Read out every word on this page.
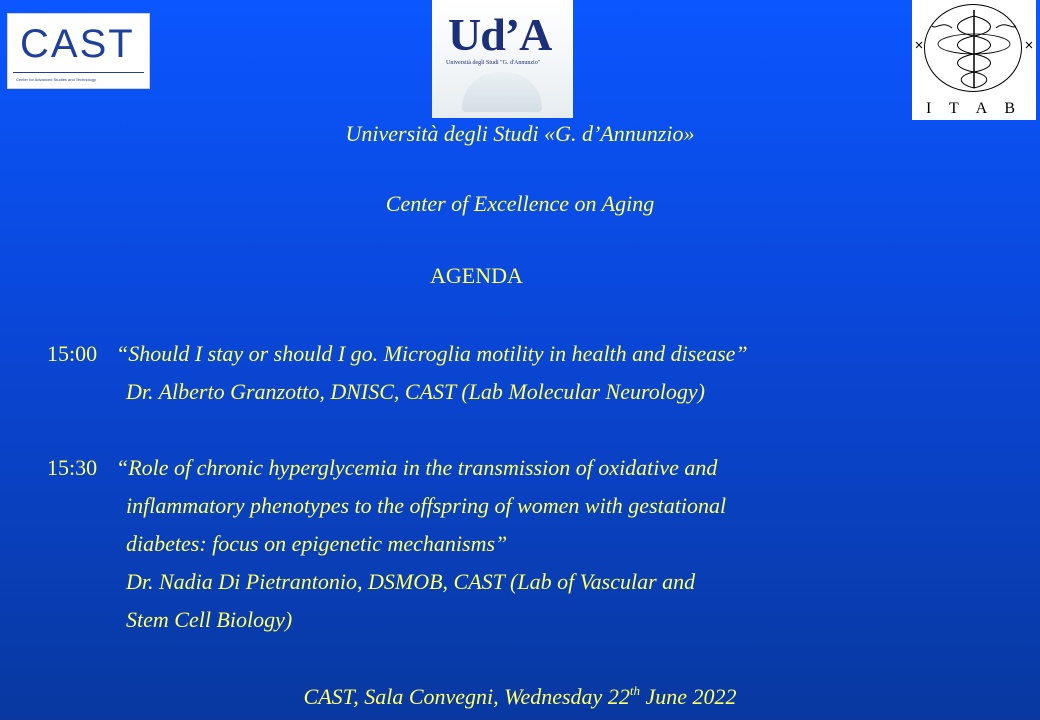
CAST
Center for Advanced Studies and Technology
Ud’A
Università degli Studi "G. d'Annunzio"
I T A B
Università degli Studi «G. d’Annunzio»
Center of Excellence on Aging
AGENDA
15:00 “Should I stay or should I go. Microglia motility in health and disease”
Dr. Alberto Granzotto, DNISC, CAST (Lab Molecular Neurology)
15:30 “Role of chronic hyperglycemia in the transmission of oxidative and
inflammatory phenotypes to the offspring of women with gestational
diabetes: focus on epigenetic mechanisms”
Dr. Nadia Di Pietrantonio, DSMOB, CAST (Lab of Vascular and
Stem Cell Biology)
CAST, Sala Convegni, Wednesday 22th June 2022
